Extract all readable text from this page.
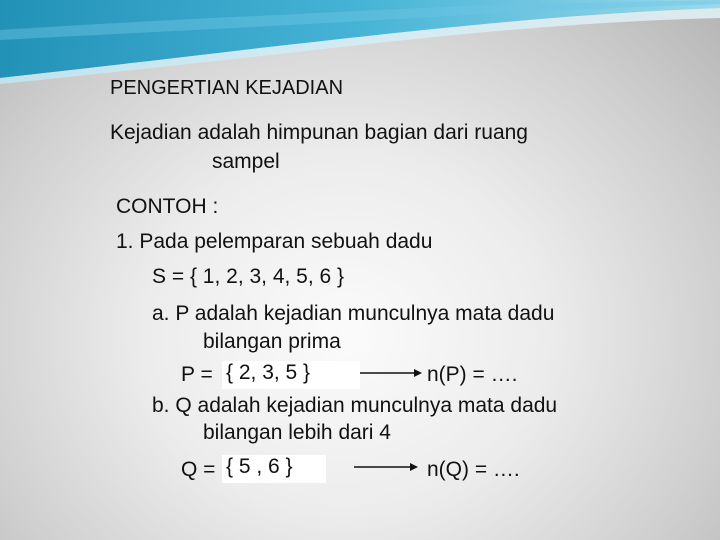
PENGERTIAN KEJADIAN
Kejadian adalah himpunan bagian dari ruang
sampel
CONTOH :
1. Pada pelemparan sebuah dadu
S = { 1, 2, 3, 4, 5, 6 }
a. P adalah kejadian munculnya mata dadu
bilangan prima
P = { 2, 3, 5 }	n(P) = ….
b. Q adalah kejadian munculnya mata dadu
bilangan lebih dari 4
Q = { 5 , 6 }	n(Q) = ….
